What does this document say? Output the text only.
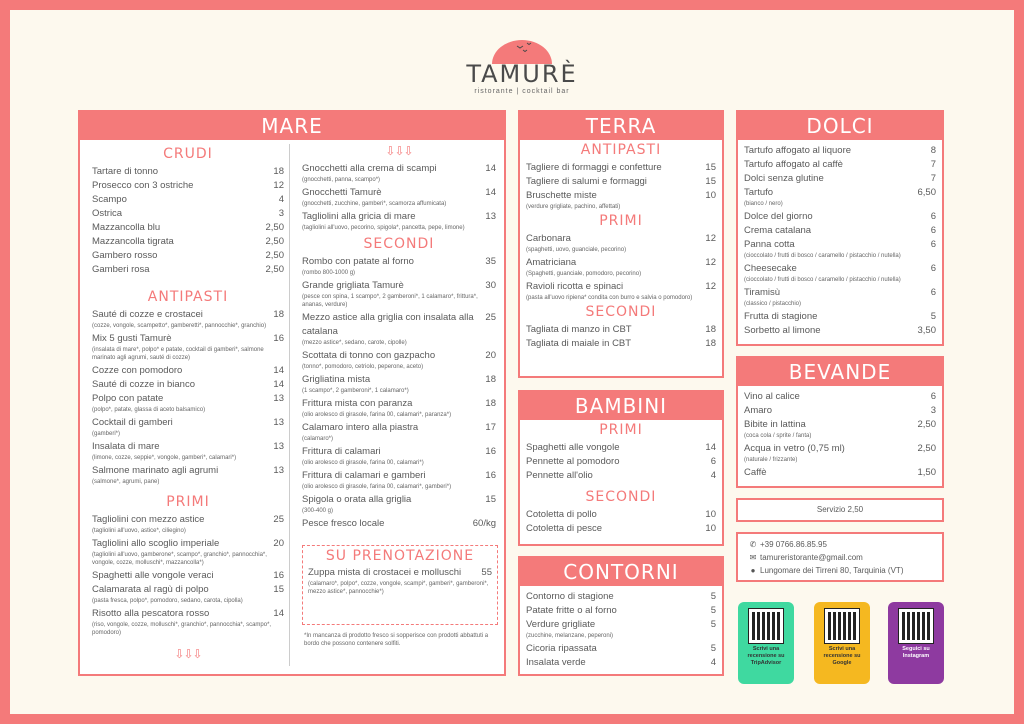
TAMURÈ
ristorante | cocktail bar
MARE
CRUDI
Tartare di tonno	18
Prosecco con 3 ostriche	12
Scampo	4
Ostrica	3
Mazzancolla blu	2,50
Mazzancolla tigrata	2,50
Gambero rosso	2,50
Gamberi rosa	2,50
ANTIPASTI
Sauté di cozze e crostacei	18
(cozze, vongole, scampetto*, gamberetti*, pannocchie*, granchio)
Mix 5 gusti Tamurè	16
(insalata di mare*, polpo* e patate, cocktail di gamberi*, salmone marinato agli agrumi, sauté di cozze)
Cozze con pomodoro	14
Sauté di cozze in bianco	14
Polpo con patate	13
(polpo*, patate, glassa di aceto balsamico)
Cocktail di gamberi	13
(gamberi*)
Insalata di mare	13
(limone, cozze, seppie*, vongole, gamberi*, calamari*)
Salmone marinato agli agrumi	13
(salmone*, agrumi, pane)
PRIMI
Tagliolini con mezzo astice	25
(tagliolini all'uovo, astice*, ciliegino)
Tagliolini allo scoglio imperiale	20
(tagliolini all'uovo, gamberone*, scampo*, granchio*, pannocchia*, vongole, cozze, molluschi*, mazzancolla*)
Spaghetti alle vongole veraci	16
Calamarata al ragù di polpo	15
(pasta fresca, polpo*, pomodoro, sedano, carota, cipolla)
Risotto alla pescatora rosso	14
(riso, vongole, cozze, molluschi*, granchio*, pannocchia*, scampo*, pomodoro)
⇩⇩⇩
⇩⇩⇩
Gnocchetti alla crema di scampi	14
(gnocchetti, panna, scampo*)
Gnocchetti Tamurè	14
(gnocchetti, zucchine, gamberi*, scamorza affumicata)
Tagliolini alla gricia di mare	13
(tagliolini all'uovo, pecorino, spigola*, pancetta, pepe, limone)
SECONDI
Rombo con patate al forno	35
(rombo 800-1000 g)
Grande grigliata Tamurè	30
(pesce con spina, 1 scampo*, 2 gamberoni*, 1 calamaro*, frittura*, ananas, verdure)
Mezzo astice alla griglia con insalata alla catalana
25
(mezzo astice*, sedano, carote, cipolle)
Scottata di tonno con gazpacho	20
(tonno*, pomodoro, cetriolo, peperone, aceto)
Grigliatina mista	18
(1 scampo*, 2 gamberoni*, 1 calamaro*)
Frittura mista con paranza	18
(olio arolesco di girasole, farina 00, calamari*, paranza*)
Calamaro intero alla piastra	17
(calamaro*)
Frittura di calamari	16
(olio arolesco di girasole, farina 00, calamari*)
Frittura di calamari e gamberi	16
(olio arolesco di girasole, farina 00, calamari*, gamberi*)
Spigola o orata alla griglia	15
(300-400 g)
Pesce fresco locale	60/kg
SU PRENOTAZIONE
Zuppa mista di crostacei e molluschi	55
(calamaro*, polpo*, cozze, vongole, scampi*, gamberi*, gamberoni*, mezzo astice*, pannocchie*)
*In mancanza di prodotto fresco si sopperisce con prodotti abbattuti a bordo che possono contenere solfiti.
TERRA
ANTIPASTI
Tagliere di formaggi e confetture	15
Tagliere di salumi e formaggi	15
Bruschette miste	10
(verdure grigliate, pachino, affettati)
PRIMI
Carbonara	12
(spaghetti, uovo, guanciale, pecorino)
Amatriciana	12
(Spaghetti, guanciale, pomodoro, pecorino)
Ravioli ricotta e spinaci	12
(pasta all'uovo ripiena* condita con burro e salvia o pomodoro)
SECONDI
Tagliata di manzo in CBT	18
Tagliata di maiale in CBT	18
BAMBINI
PRIMI
Spaghetti alle vongole	14
Pennette al pomodoro	6
Pennette all'olio	4
SECONDI
Cotoletta di pollo	10
Cotoletta di pesce	10
CONTORNI
Contorno di stagione	5
Patate fritte o al forno	5
Verdure grigliate	5
(zucchine, melanzane, peperoni)
Cicoria ripassata	5
Insalata verde	4
DOLCI
Tartufo affogato al liquore	8
Tartufo affogato al caffè	7
Dolci senza glutine	7
Tartufo	6,50
(bianco / nero)
Dolce del giorno	6
Crema catalana	6
Panna cotta	6
(cioccolato / frutti di bosco / caramello / pistacchio / nutella)
Cheesecake	6
(cioccolato / frutti di bosco / caramello / pistacchio / nutella)
Tiramisù	6
(classico / pistacchio)
Frutta di stagione	5
Sorbetto al limone	3,50
BEVANDE
Vino al calice	6
Amaro	3
Bibite in lattina	2,50
(coca cola / sprite / fanta)
Acqua in vetro (0,75 ml)	2,50
(naturale / frizzante)
Caffè	1,50
Servizio 2,50
✆ +39 0766.86.85.95
✉ tamureristorante@gmail.com
● Lungomare dei Tirreni 80, Tarquinia (VT)
Scrivi una recensione su TripAdvisor
Scrivi una recensione su Google
Seguici su Instagram
